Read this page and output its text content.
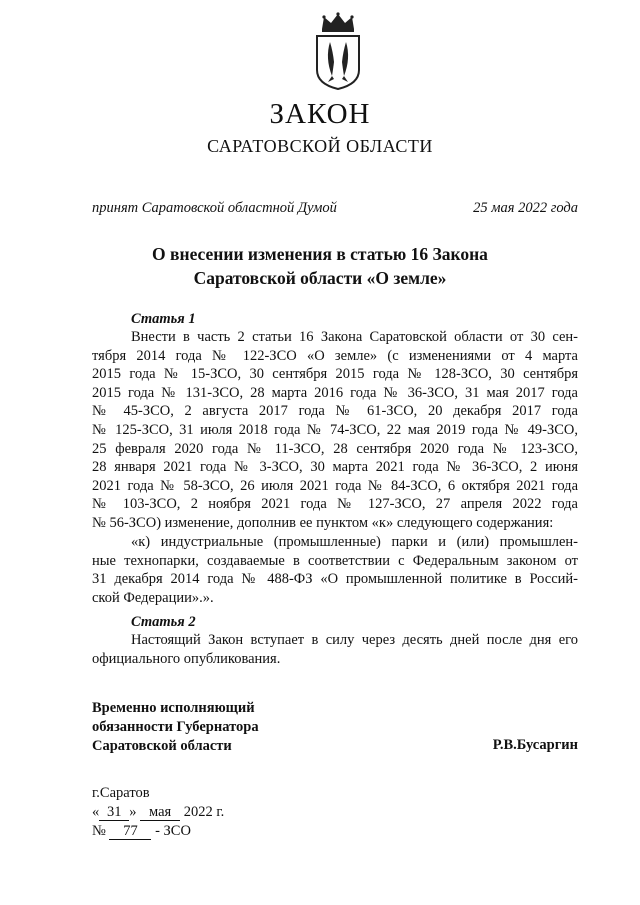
ЗАКОН
САРАТОВСКОЙ ОБЛАСТИ
принят Саратовской областной Думой	25 мая 2022 года
О внесении изменения в статью 16 Закона
Саратовской области «О земле»
Статья 1
Внести в часть 2 статьи 16 Закона Саратовской области от 30 сен-
тября 2014 года № 122-ЗСО «О земле» (с изменениями от 4 марта
2015 года № 15-ЗСО, 30 сентября 2015 года № 128-ЗСО, 30 сентября
2015 года № 131-ЗСО, 28 марта 2016 года № 36-ЗСО, 31 мая 2017 года
№ 45-ЗСО, 2 августа 2017 года № 61-ЗСО, 20 декабря 2017 года
№ 125-ЗСО, 31 июля 2018 года № 74-ЗСО, 22 мая 2019 года № 49-ЗСО,
25 февраля 2020 года № 11-ЗСО, 28 сентября 2020 года № 123-ЗСО,
28 января 2021 года № 3-ЗСО, 30 марта 2021 года № 36-ЗСО, 2 июня
2021 года № 58-ЗСО, 26 июля 2021 года № 84-ЗСО, 6 октября 2021 года
№ 103-ЗСО, 2 ноября 2021 года № 127-ЗСО, 27 апреля 2022 года
№ 56-ЗСО) изменение, дополнив ее пунктом «к» следующего содержания:
«к) индустриальные (промышленные) парки и (или) промышлен-
ные технопарки, создаваемые в соответствии с Федеральным законом от
31 декабря 2014 года № 488-ФЗ «О промышленной политике в Россий-
ской Федерации».».
Статья 2
Настоящий Закон вступает в силу через десять дней после дня его
официального опубликования.
Временно исполняющий
обязанности Губернатора
Саратовской области	Р.В.Бусаргин
г.Саратов
« 31 » мая 2022 г.
№ 77 - ЗСО
